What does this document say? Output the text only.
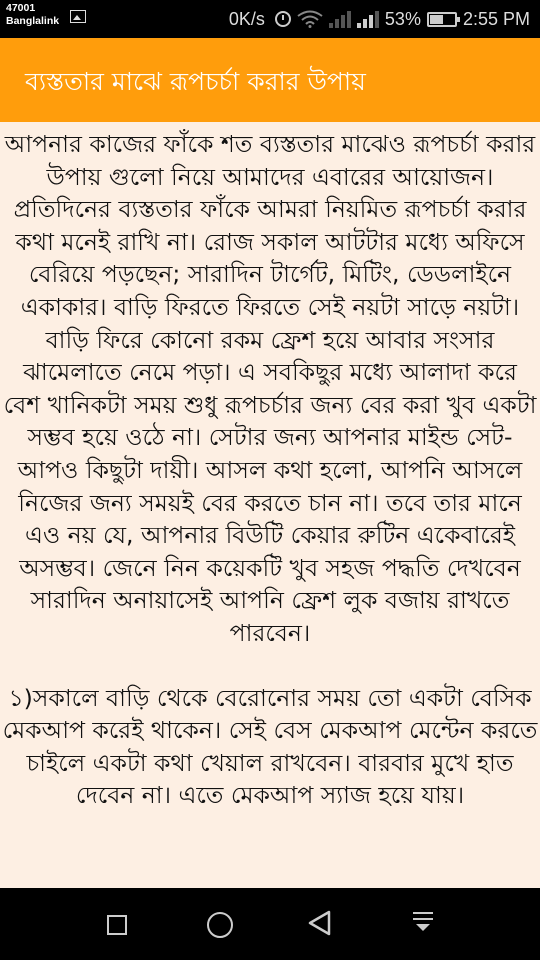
47001
Banglalink	0K/s	53% 2:55 PM
ব্যস্ততার মাঝে রূপচর্চা করার উপায়

আপনার কাজের ফাঁকে শত ব্যস্ততার মাঝেও রূপচর্চা করার উপায় গুলো নিয়ে আমাদের এবারের আয়োজন। প্রতিদিনের ব্যস্ততার ফাঁকে আমরা নিয়মিত রূপচর্চা করার কথা মনেই রাখি না। রোজ সকাল আটটার মধ্যে অফিসে বেরিয়ে পড়ছেন; সারাদিন টার্গেট, মিটিং, ডেডলাইনে একাকার। বাড়ি ফিরতে ফিরতে সেই নয়টা সাড়ে নয়টা। বাড়ি ফিরে কোনো রকম ফ্রেশ হয়ে আবার সংসার ঝামেলাতে নেমে পড়া। এ সবকিছুর মধ্যে আলাদা করে বেশ খানিকটা সময় শুধু রূপচর্চার জন্য বের করা খুব একটা সম্ভব হয়ে ওঠে না। সেটার জন্য আপনার মাইন্ড সেট-আপও কিছুটা দায়ী। আসল কথা হলো, আপনি আসলে নিজের জন্য সময়ই বের করতে চান না। তবে তার মানে এও নয় যে, আপনার বিউটি কেয়ার রুটিন একেবারেই অসম্ভব। জেনে নিন কয়েকটি খুব সহজ পদ্ধতি দেখবেন সারাদিন অনায়াসেই আপনি ফ্রেশ লুক বজায় রাখতে পারবেন।

১)সকালে বাড়ি থেকে বেরোনোর সময় তো একটা বেসিক মেকআপ করেই থাকেন। সেই বেস মেকআপ মেন্টেন করতে চাইলে একটা কথা খেয়াল রাখবেন। বারবার মুখে হাত দেবেন না। এতে মেকআপ স্যাজ হয়ে যায়।
